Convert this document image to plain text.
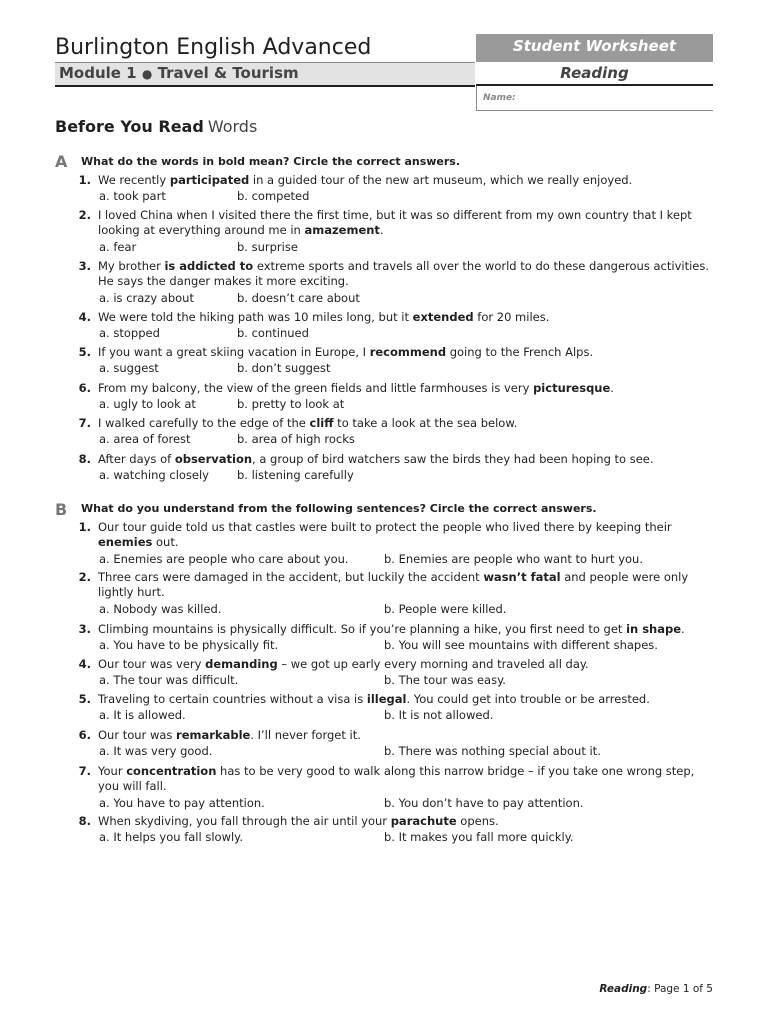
Burlington English Advanced
Module 1 ● Travel & Tourism
Student Worksheet
Reading
Name:
Before You Read Words
A What do the words in bold mean? Circle the correct answers.
1. We recently participated in a guided tour of the new art museum, which we really enjoyed.
a. took part	b. competed
2. I loved China when I visited there the first time, but it was so different from my own country that I kept
looking at everything around me in amazement.
a. fear	b. surprise
3. My brother is addicted to extreme sports and travels all over the world to do these dangerous activities.
He says the danger makes it more exciting.
a. is crazy about	b. doesn’t care about
4. We were told the hiking path was 10 miles long, but it extended for 20 miles.
a. stopped	b. continued
5. If you want a great skiing vacation in Europe, I recommend going to the French Alps.
a. suggest	b. don’t suggest
6. From my balcony, the view of the green fields and little farmhouses is very picturesque.
a. ugly to look at	b. pretty to look at
7. I walked carefully to the edge of the cliff to take a look at the sea below.
a. area of forest	b. area of high rocks
8. After days of observation, a group of bird watchers saw the birds they had been hoping to see.
a. watching closely b. listening carefully
B What do you understand from the following sentences? Circle the correct answers.
1. Our tour guide told us that castles were built to protect the people who lived there by keeping their
enemies out.
a. Enemies are people who care about you.	b. Enemies are people who want to hurt you.
2. Three cars were damaged in the accident, but luckily the accident wasn’t fatal and people were only
lightly hurt.
a. Nobody was killed.	b. People were killed.
3. Climbing mountains is physically difficult. So if you’re planning a hike, you first need to get in shape.
a. You have to be physically fit.	b. You will see mountains with different shapes.
4. Our tour was very demanding – we got up early every morning and traveled all day.
a. The tour was difficult.	b. The tour was easy.
5. Traveling to certain countries without a visa is illegal. You could get into trouble or be arrested.
a. It is allowed.	b. It is not allowed.
6. Our tour was remarkable. I’ll never forget it.
a. It was very good.	b. There was nothing special about it.
7. Your concentration has to be very good to walk along this narrow bridge – if you take one wrong step,
you will fall.
a. You have to pay attention.	b. You don’t have to pay attention.
8. When skydiving, you fall through the air until your parachute opens.
a. It helps you fall slowly.	b. It makes you fall more quickly.
Reading: Page 1 of 5
